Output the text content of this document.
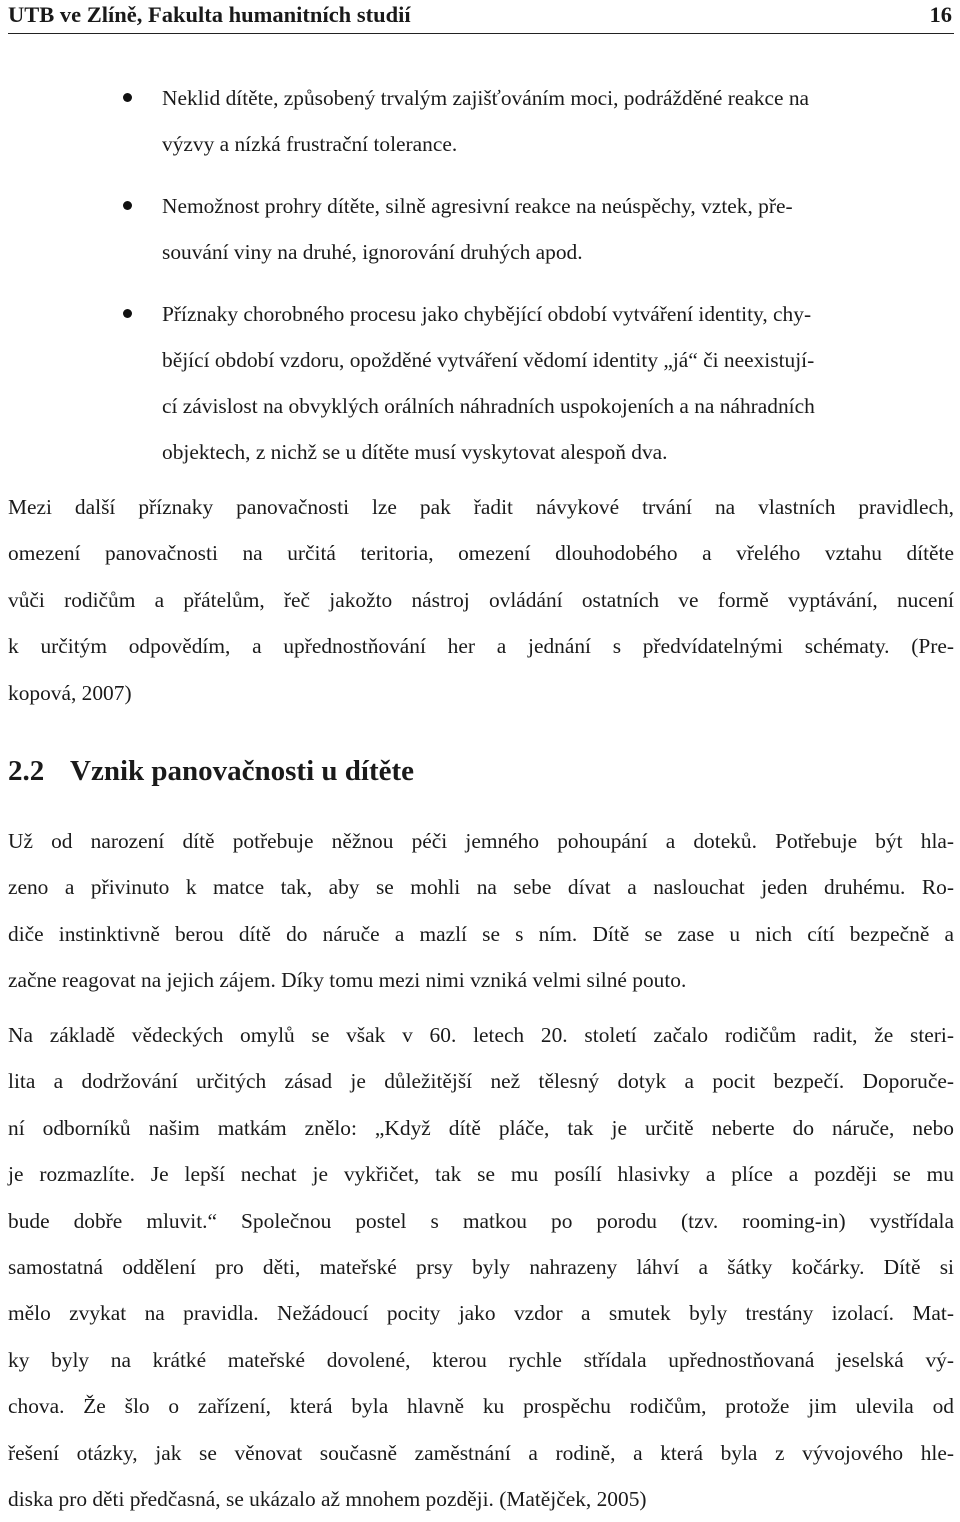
UTB ve Zlíně, Fakulta humanitních studií	16
Neklid dítěte, způsobený trvalým zajišťováním moci, podrážděné reakce na
výzvy a nízká frustrační tolerance.
Nemožnost prohry dítěte, silně agresivní reakce na neúspěchy, vztek, pře-
souvání viny na druhé, ignorování druhých apod.
Příznaky chorobného procesu jako chybějící období vytváření identity, chy-
bějící období vzdoru, opožděné vytváření vědomí identity „já“ či neexistují-
cí závislost na obvyklých orálních náhradních uspokojeních a na náhradních
objektech, z nichž se u dítěte musí vyskytovat alespoň dva.
Mezi další příznaky panovačnosti lze pak řadit návykové trvání na vlastních pravidlech,
omezení panovačnosti na určitá teritoria, omezení dlouhodobého a vřelého vztahu dítěte
vůči rodičům a přátelům, řeč jakožto nástroj ovládání ostatních ve formě vyptávání, nucení
k určitým odpovědím, a upřednostňování her a jednání s předvídatelnými schématy. (Pre-
kopová, 2007)
2.2 Vznik panovačnosti u dítěte
Už od narození dítě potřebuje něžnou péči jemného pohoupání a doteků. Potřebuje být hla-
zeno a přivinuto k matce tak, aby se mohli na sebe dívat a naslouchat jeden druhému. Ro-
diče instinktivně berou dítě do náruče a mazlí se s ním. Dítě se zase u nich cítí bezpečně a
začne reagovat na jejich zájem. Díky tomu mezi nimi vzniká velmi silné pouto.
Na základě vědeckých omylů se však v 60. letech 20. století začalo rodičům radit, že steri-
lita a dodržování určitých zásad je důležitější než tělesný dotyk a pocit bezpečí. Doporuče-
ní odborníků našim matkám znělo: „Když dítě pláče, tak je určitě neberte do náruče, nebo
je rozmazlíte. Je lepší nechat je vykřičet, tak se mu posílí hlasivky a plíce a později se mu
bude dobře mluvit.“ Společnou postel s matkou po porodu (tzv. rooming-in) vystřídala
samostatná oddělení pro děti, mateřské prsy byly nahrazeny láhví a šátky kočárky. Dítě si
mělo zvykat na pravidla. Nežádoucí pocity jako vzdor a smutek byly trestány izolací. Mat-
ky byly na krátké mateřské dovolené, kterou rychle střídala upřednostňovaná jeselská vý-
chova. Že šlo o zařízení, která byla hlavně ku prospěchu rodičům, protože jim ulevila od
řešení otázky, jak se věnovat současně zaměstnání a rodině, a která byla z vývojového hle-
diska pro děti předčasná, se ukázalo až mnohem později. (Matějček, 2005)
